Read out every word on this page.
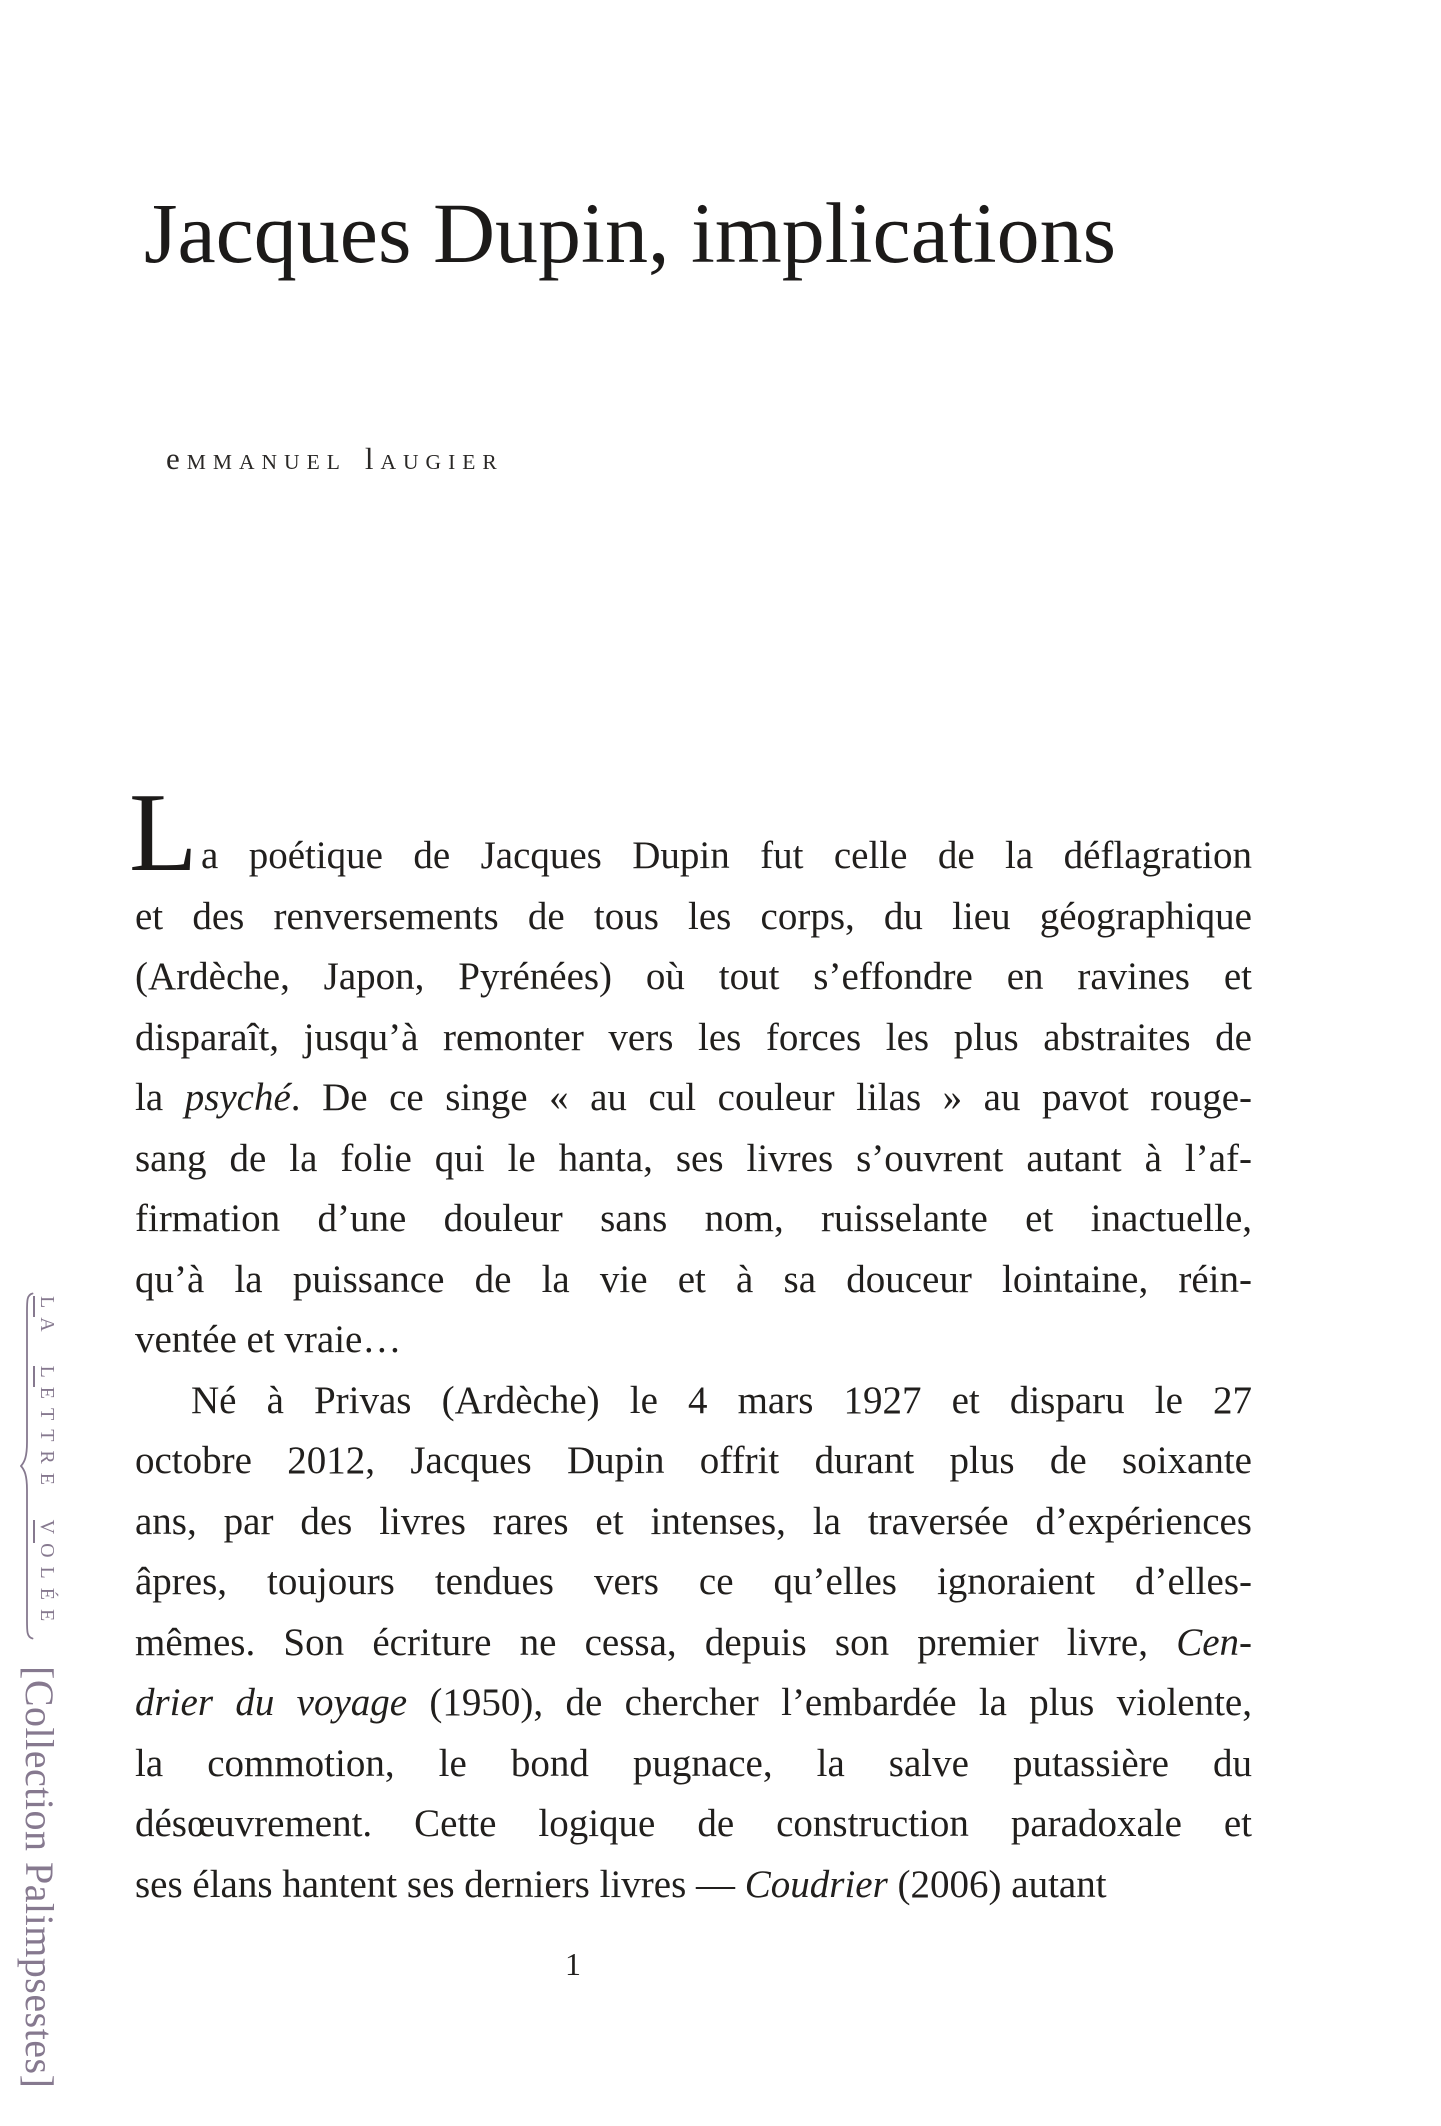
Jacques Dupin, implications
eMMANUEL lAUGIER
L a poétique de Jacques Dupin fut celle de la déflagration
et des renversements de tous les corps, du lieu géographique
(Ardèche, Japon, Pyrénées) où tout s’effondre en ravines et
disparaît, jusqu’à remonter vers les forces les plus abstraites de
la psyché. De ce singe « au cul couleur lilas » au pavot rouge-
sang de la folie qui le hanta, ses livres s’ouvrent autant à l’af-
firmation d’une douleur sans nom, ruisselante et inactuelle,
qu’à la puissance de la vie et à sa douceur lointaine, réin-
ventée et vraie…
Né à Privas (Ardèche) le 4 mars 1927 et disparu le 27
octobre 2012, Jacques Dupin offrit durant plus de soixante
ans, par des livres rares et intenses, la traversée d’expériences
âpres, toujours tendues vers ce qu’elles ignoraient d’elles-
mêmes. Son écriture ne cessa, depuis son premier livre, Cen-
drier du voyage (1950), de chercher l’embardée la plus violente,
la commotion, le bond pugnace, la salve putassière du
désœuvrement. Cette logique de construction paradoxale et
ses élans hantent ses derniers livres — Coudrier (2006) autant
LA LETTRE VOLÉE
[Collection Palimpsestes]	1
